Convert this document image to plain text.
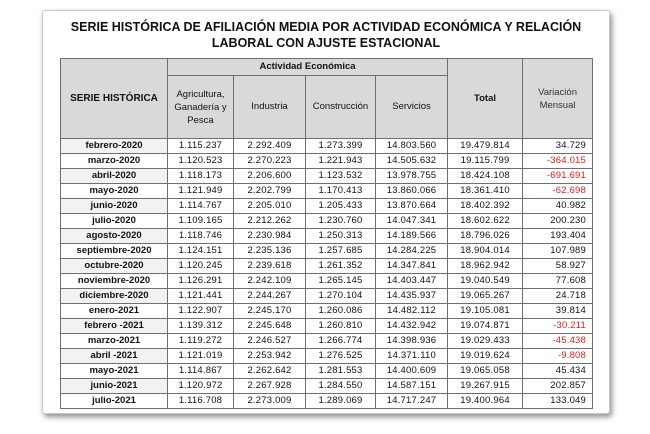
SERIE HISTÓRICA DE AFILIACIÓN MEDIA POR ACTIVIDAD ECONÓMICA Y RELACIÓN
LABORAL CON AJUSTE ESTACIONAL
SERIE HISTÓRICA	Actividad Económica				Total	Variación Mensual
	Agricultura, Ganadería y Pesca	Industria	Construcción	Servicios		
febrero-2020	1.115.237	2.292.409	1.273.399	14.803.560	19.479.814	34.729
marzo-2020	1.120.523	2.270.223	1.221.943	14.505.632	19.115.799	-364.015
abril-2020	1.118.173	2.206.600	1.123.532	13.978.755	18.424.108	-691.691
mayo-2020	1.121.949	2.202.799	1.170.413	13.860.066	18.361.410	-62.698
junio-2020	1.114.767	2.205.010	1.205.433	13.870.664	18.402.392	40.982
julio-2020	1.109.165	2.212.262	1.230.760	14.047.341	18.602.622	200.230
agosto-2020	1.118.746	2.230.984	1.250.313	14.189.566	18.796.026	193.404
septiembre-2020	1.124.151	2.235.136	1.257.685	14.284.225	18.904.014	107.989
octubre-2020	1.120.245	2.239.618	1.261.352	14.347.841	18.962.942	58.927
noviembre-2020	1.126.291	2.242.109	1.265.145	14.403.447	19.040.549	77.608
diciembre-2020	1.121.441	2.244.267	1.270.104	14.435.937	19.065.267	24.718
enero-2021	1.122.907	2.245.170	1.260.086	14.482.112	19.105.081	39.814
febrero -2021	1.139.312	2.245.648	1.260.810	14.432.942	19.074.871	-30.211
marzo-2021	1.119.272	2.246.527	1.266.774	14.398.936	19.029.433	-45.438
abril -2021	1.121.019	2.253.942	1.276.525	14.371.110	19.019.624	-9.808
mayo-2021	1.114.867	2.262.642	1.281.553	14.400.609	19.065.058	45.434
junio-2021	1.120.972	2.267.928	1.284.550	14.587.151	19.267.915	202.857
julio-2021	1.116.708	2.273.009	1.289.069	14.717.247	19.400.964	133.049
